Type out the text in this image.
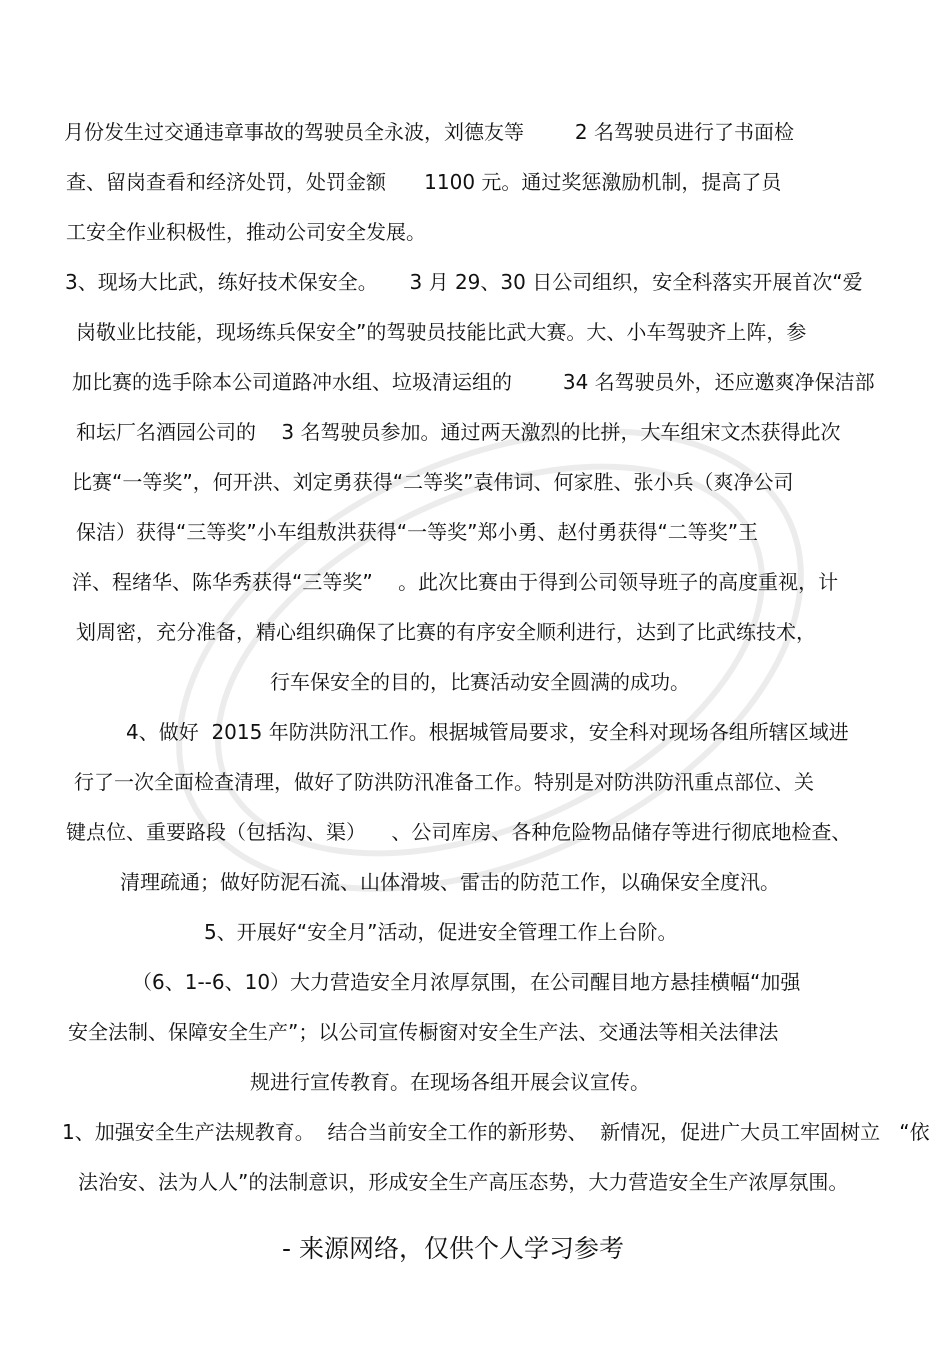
月份发生过交通违章事故的驾驶员全永波，刘德友等        2 名驾驶员进行了书面检
查、留岗查看和经济处罚，处罚金额      1100 元。通过奖惩激励机制，提高了员
工安全作业积极性，推动公司安全发展。
3、现场大比武，练好技术保安全。     3 月 29、30 日公司组织，安全科落实开展首次“爱
岗敬业比技能，现场练兵保安全”的驾驶员技能比武大赛。大、小车驾驶齐上阵，参
加比赛的选手除本公司道路冲水组、垃圾清运组的        34 名驾驶员外，还应邀爽净保洁部
和坛厂名酒园公司的    3 名驾驶员参加。通过两天激烈的比拼，大车组宋文杰获得此次
比赛“一等奖”，何开洪、刘定勇获得“二等奖”袁伟词、何家胜、张小兵（爽净公司
保洁）获得“三等奖”小车组敖洪获得“一等奖”郑小勇、赵付勇获得“二等奖”王
洋、程绪华、陈华秀获得“三等奖”    。此次比赛由于得到公司领导班子的高度重视，计
划周密，充分准备，精心组织确保了比赛的有序安全顺利进行，达到了比武练技术，
行车保安全的目的，比赛活动安全圆满的成功。
4、做好  2015 年防洪防汛工作。根据城管局要求，安全科对现场各组所辖区域进
行了一次全面检查清理，做好了防洪防汛准备工作。特别是对防洪防汛重点部位、关
键点位、重要路段（包括沟、渠）    、公司库房、各种危险物品储存等进行彻底地检查、
清理疏通；做好防泥石流、山体滑坡、雷击的防范工作，以确保安全度汛。
5、开展好“安全月”活动，促进安全管理工作上台阶。
（6、1--6、10）大力营造安全月浓厚氛围，在公司醒目地方悬挂横幅“加强
安全法制、保障安全生产”；以公司宣传橱窗对安全生产法、交通法等相关法律法
规进行宣传教育。在现场各组开展会议宣传。
1、加强安全生产法规教育。  结合当前安全工作的新形势、  新情况，促进广大员工牢固树立   “依
法治安、法为人人”的法制意识，形成安全生产高压态势，大力营造安全生产浓厚氛围。
- 来源网络，仅供个人学习参考
